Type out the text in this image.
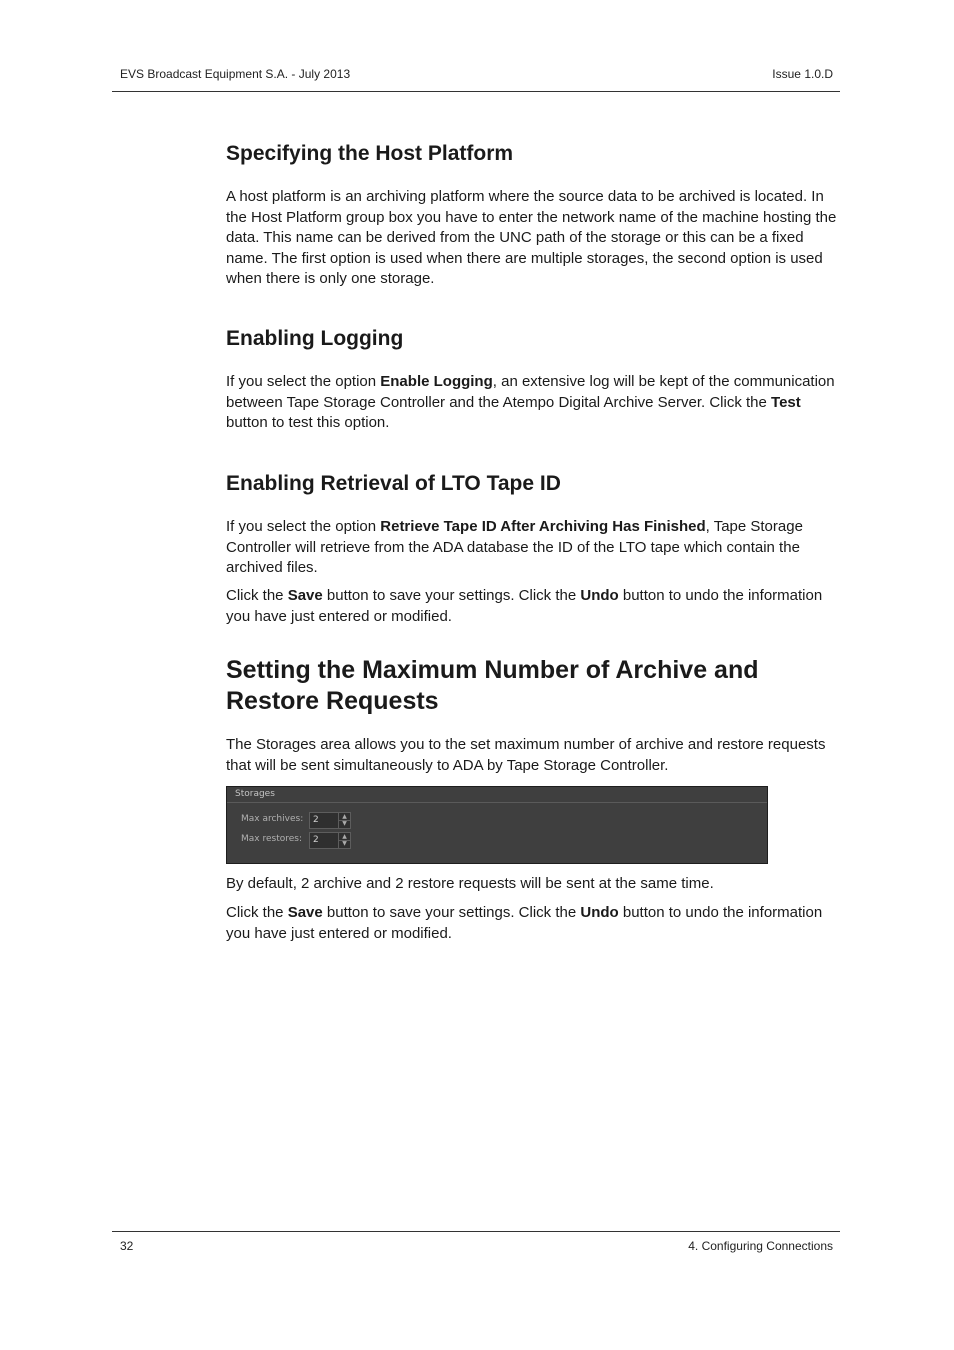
EVS Broadcast Equipment S.A. - July 2013	Issue 1.0.D
Specifying the Host Platform

A host platform is an archiving platform where the source data to be archived is located. In the Host Platform group box you have to enter the network name of the machine hosting the data. This name can be derived from the UNC path of the storage or this can be a fixed name. The first option is used when there are multiple storages, the second option is used when there is only one storage.

Enabling Logging

If you select the option Enable Logging, an extensive log will be kept of the communication between Tape Storage Controller and the Atempo Digital Archive Server. Click the Test button to test this option.

Enabling Retrieval of LTO Tape ID

If you select the option Retrieve Tape ID After Archiving Has Finished, Tape Storage Controller will retrieve from the ADA database the ID of the LTO tape which contain the archived files.

Click the Save button to save your settings. Click the Undo button to undo the information you have just entered or modified.

Setting the Maximum Number of Archive and Restore Requests

The Storages area allows you to the set maximum number of archive and restore requests that will be sent simultaneously to ADA by Tape Storage Controller.

By default, 2 archive and 2 restore requests will be sent at the same time.

Click the Save button to save your settings. Click the Undo button to undo the information you have just entered or modified.

Storages
Max archives: 2	▲
▼
Max restores: 2	▲
▼
32	4. Configuring Connections
